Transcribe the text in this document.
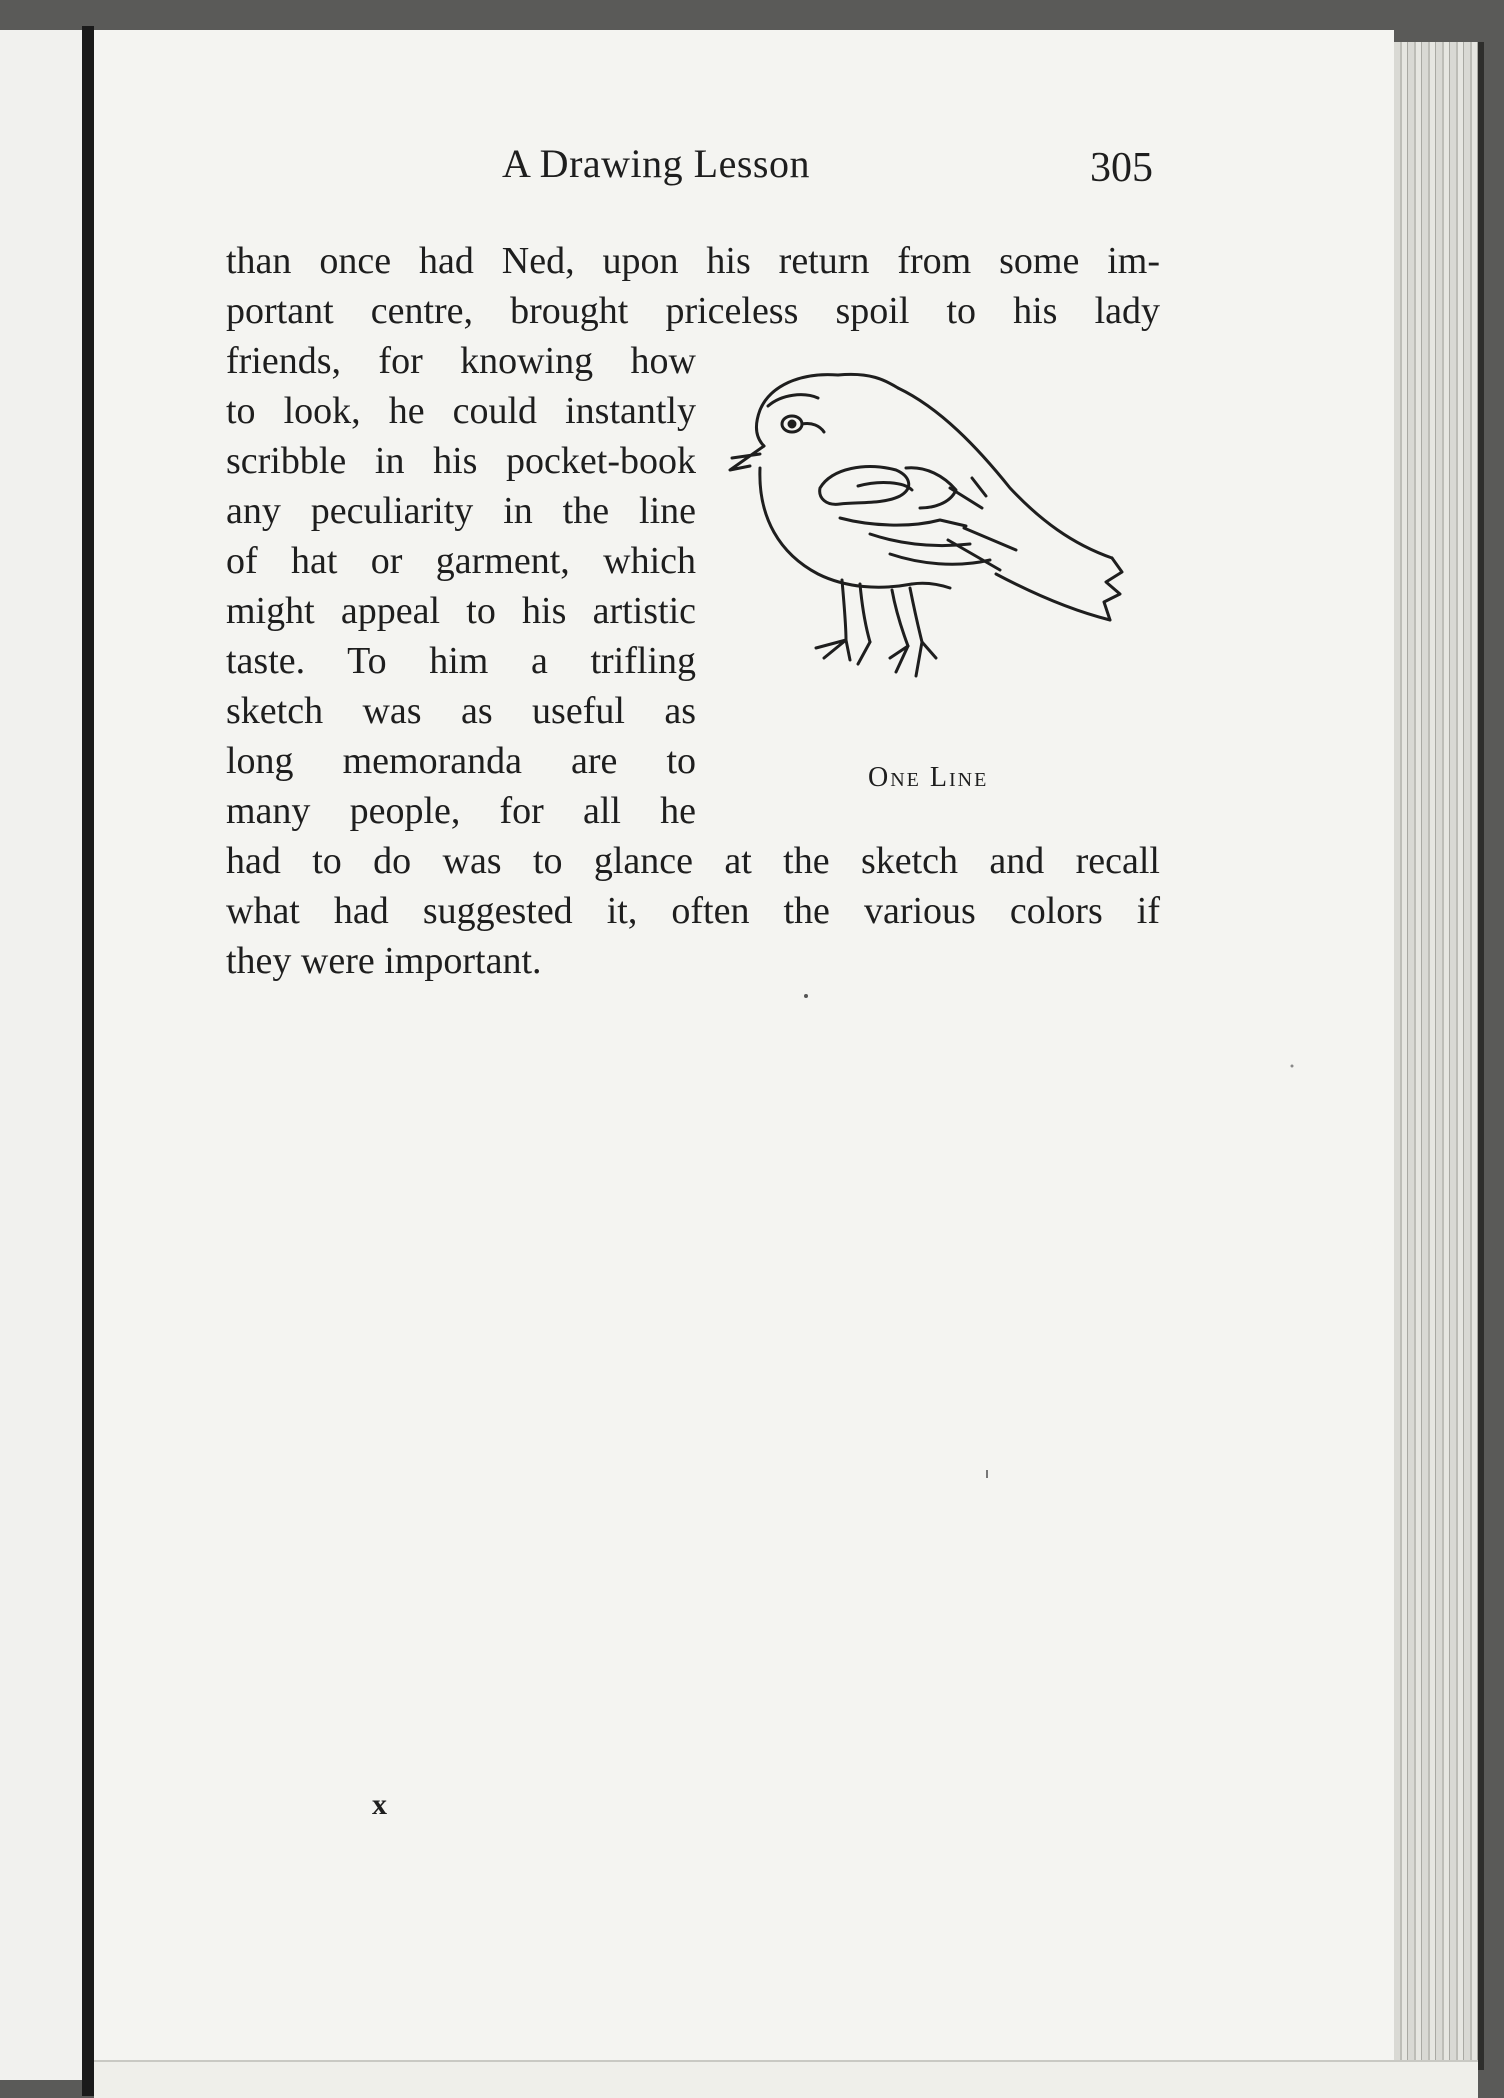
A Drawing Lesson	305
than once had Ned, upon his return from some im-
portant centre, brought priceless spoil to his lady
friends, for knowing how
to look, he could instantly
scribble in his pocket-book
any peculiarity in the line
of hat or garment, which
might appeal to his artistic
taste. To him a trifling
sketch was as useful as
long memoranda are to
many people, for all he
had to do was to glance at the sketch and recall
what had suggested it, often the various colors if
they were important.
One Line
x
